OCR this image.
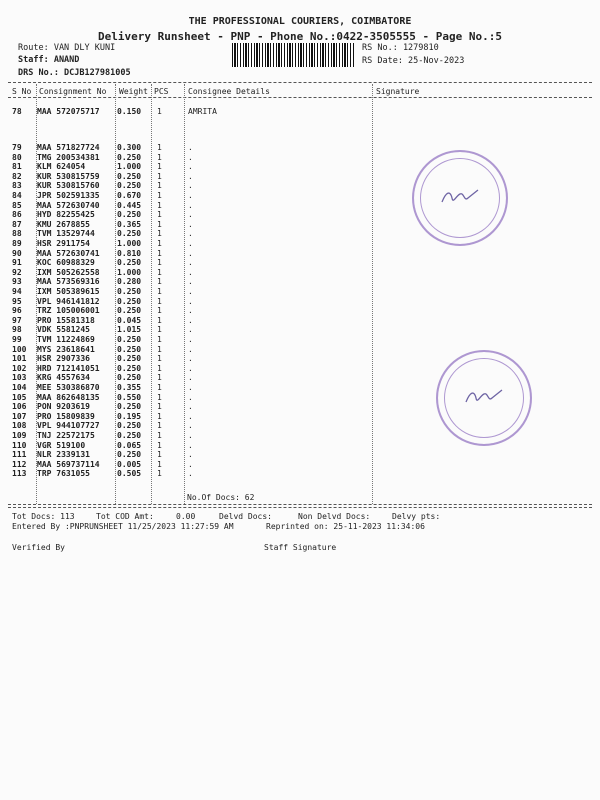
THE PROFESSIONAL COURIERS, COIMBATORE
Delivery Runsheet - PNP - Phone No.:0422-3505555 - Page No.:5
Route: VAN DLY KUNI
Staff: ANAND
DRS No.: DCJB127981005
RS No.: 1279810
RS Date: 25-Nov-2023
S No Consignment No Weight PCS Consignee Details	Signature
78 MAA 572075717 0.150 1	AMRITA
79 MAA 571827724 0.300 1	.
80 TMG 200534381 0.250 1	.
81 KLM 624054	1.000 1	.
82 KUR 530815759 0.250 1	.
83 KUR 530815760 0.250 1	.
84 JPR 502591335 0.670 1	.
85 MAA 572630740 0.445 1	.
86 HYD 82255425	0.250 1	.
87 KMU 2678855	0.365 1	.
88 TVM 13529744	0.250 1	.
89 HSR 2911754	1.000 1	.
90 MAA 572630741 0.810 1	.
91 KOC 60988329	0.250 1	.
92 IXM 505262558 1.000 1	.
93 MAA 573569316 0.280 1	.
94 IXM 505389615 0.250 1	.
95 VPL 946141812 0.250 1	.
96 TRZ 105006001 0.250 1	.
97 PRO 15581318	0.045 1	.
98 VDK 5581245	1.015 1	.
99 TVM 11224869	0.250 1	.
100 MYS 23618641	0.250 1	.
101 HSR 2907336	0.250 1	.
102 HRD 712141051 0.250 1	.
103 KRG 4557634	0.250 1	.
104 MEE 530386870 0.355 1	.
105 MAA 862648135 0.550 1	.
106 PON 9203619	0.250 1	.
107 PRO 15809839	0.195 1	.
108 VPL 944107727 0.250 1	.
109 TNJ 22572175	0.250 1	.
110 VGR 519100	0.065 1	.
111 NLR 2339131	0.250 1	.
112 MAA 569737114 0.005 1	.
113 TRP 7631055	0.505 1	.
No.Of Docs: 62
Tot Docs: 113	Tot COD Amt:	0.00	Delvd Docs:	Non Delvd Docs:	Delvy pts:
Entered By :PNPRUNSHEET 11/25/2023 11:27:59 AM	Reprinted on: 25-11-2023 11:34:06
Verified By	Staff Signature
